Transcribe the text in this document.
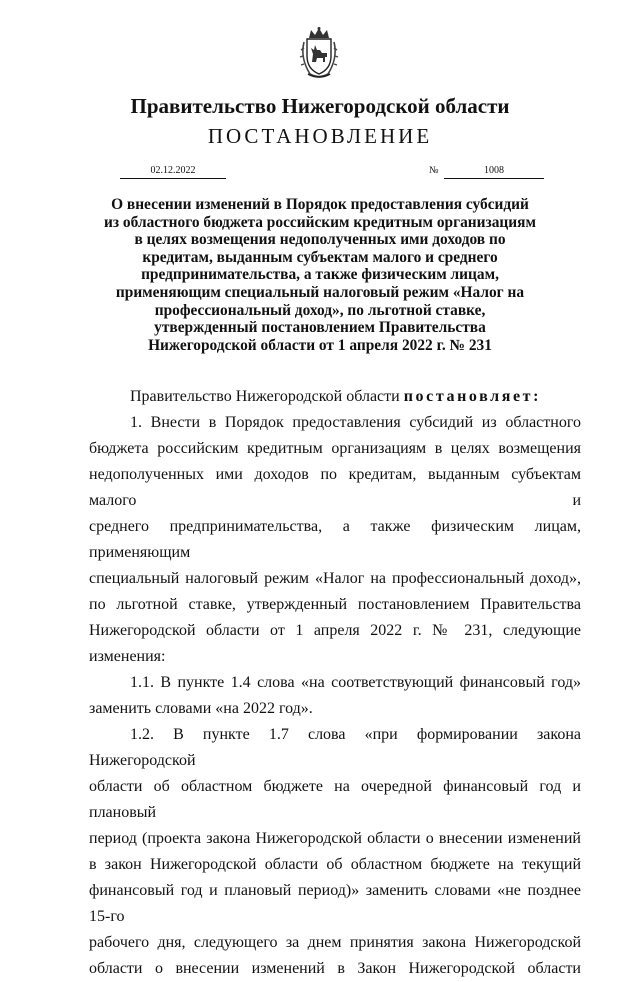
Правительство Нижегородской области
ПОСТАНОВЛЕНИЕ
02.12.2022	№	1008
О внесении изменений в Порядок предоставления субсидий
из областного бюджета российским кредитным организациям
в целях возмещения недополученных ими доходов по
кредитам, выданным субъектам малого и среднего
предпринимательства, а также физическим лицам,
применяющим специальный налоговый режим «Налог на
профессиональный доход», по льготной ставке,
утвержденный постановлением Правительства
Нижегородской области от 1 апреля 2022 г. № 231

Правительство Нижегородской области постановляет:

1. Внести в Порядок предоставления субсидий из областного

бюджета российским кредитным организациям в целях возмещения

недополученных ими доходов по кредитам, выданным субъектам малого и

среднего предпринимательства, а также физическим лицам, применяющим

специальный налоговый режим «Налог на профессиональный доход»,

по льготной ставке, утвержденный постановлением Правительства

Нижегородской области от 1 апреля 2022 г. № 231, следующие изменения:

1.1. В пункте 1.4 слова «на соответствующий финансовый год»

заменить словами «на 2022 год».

1.2. В пункте 1.7 слова «при формировании закона Нижегородской

области об областном бюджете на очередной финансовый год и плановый

период (проекта закона Нижегородской области о внесении изменений

в закон Нижегородской области об областном бюджете на текущий

финансовый год и плановый период)» заменить словами «не позднее 15-го

рабочего дня, следующего за днем принятия закона Нижегородской

области о внесении изменений в Закон Нижегородской области
